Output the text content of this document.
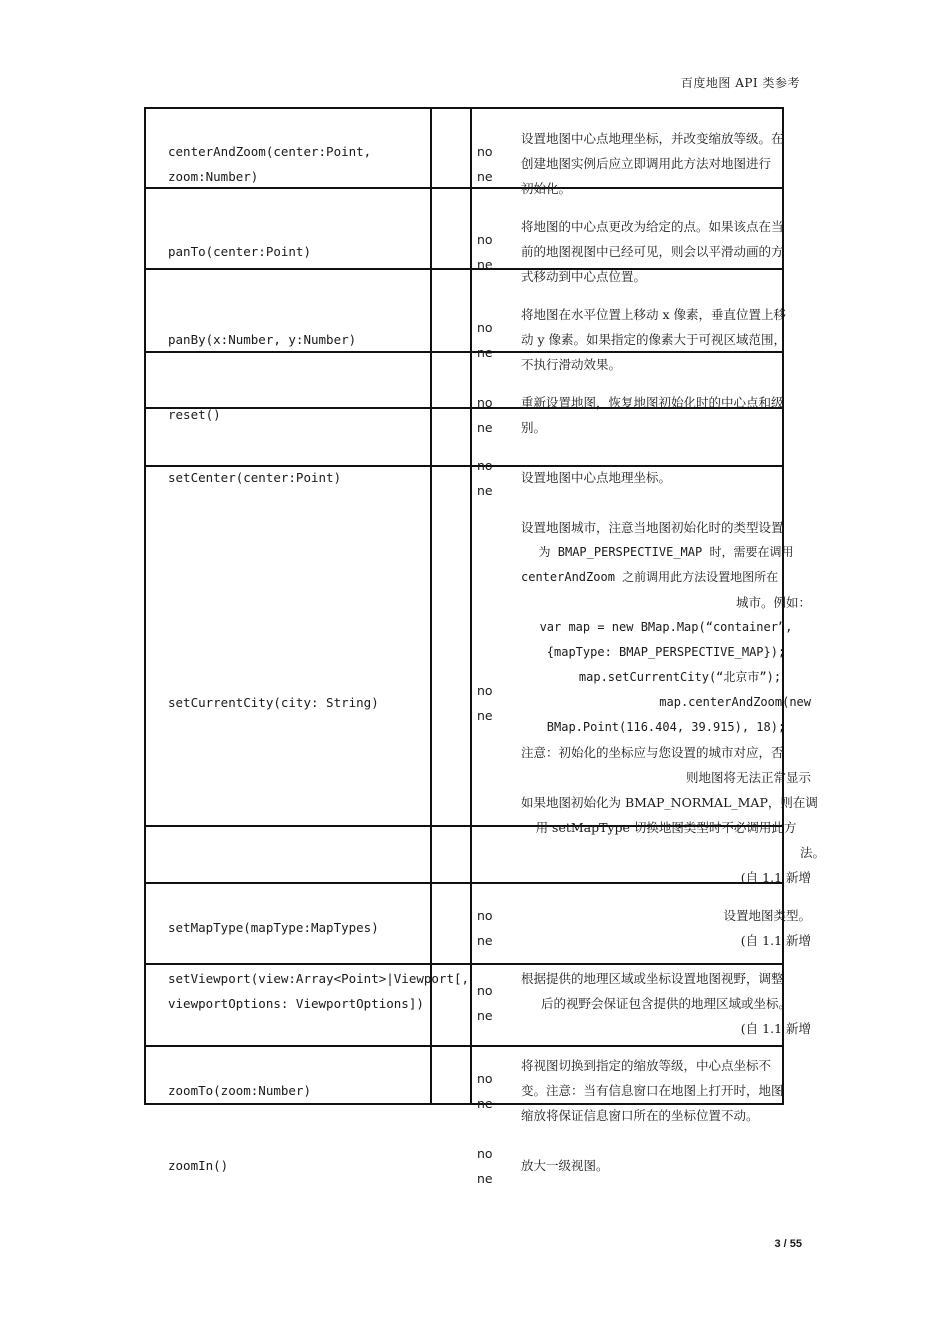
百度地图 API 类参考
centerAndZoom(center:Point, zoom:Number)
none
设置地图中心点地理坐标，并改变缩放等级。在
创建地图实例后应立即调用此方法对地图进行
初始化。
panTo(center:Point)
none
将地图的中心点更改为给定的点。如果该点在当
前的地图视图中已经可见，则会以平滑动画的方
式移动到中心点位置。
panBy(x:Number, y:Number)
none
将地图在水平位置上移动 x 像素，垂直位置上移
动 y 像素。如果指定的像素大于可视区域范围，
不执行滑动效果。
reset()
none
重新设置地图，恢复地图初始化时的中心点和级
别。
setCenter(center:Point)
none
设置地图中心点地理坐标。
setCurrentCity(city: String)
none
设置地图城市，注意当地图初始化时的类型设置
为 BMAP_PERSPECTIVE_MAP 时，需要在调用
centerAndZoom 之前调用此方法设置地图所在
城市。例如：
var map = new BMap.Map(“container”,
{mapType: BMAP_PERSPECTIVE_MAP});
map.setCurrentCity(“北京市”);
map.centerAndZoom(new
BMap.Point(116.404, 39.915), 18);
注意：初始化的坐标应与您设置的城市对应，否
则地图将无法正常显示
如果地图初始化为 BMAP_NORMAL_MAP，则在调
用 setMapType 切换地图类型时不必调用此方
法。
(自 1.1 新增
setMapType(mapType:MapTypes)
none
设置地图类型。
(自 1.1 新增
setViewport(view:Array<Point>|Viewport[, viewportOptions: ViewportOptions])
none
根据提供的地理区域或坐标设置地图视野，调整
后的视野会保证包含提供的地理区域或坐标。
(自 1.1 新增
zoomTo(zoom:Number)
none
将视图切换到指定的缩放等级，中心点坐标不
变。注意：当有信息窗口在地图上打开时，地图
缩放将保证信息窗口所在的坐标位置不动。
zoomIn()
none
放大一级视图。
3 / 55
